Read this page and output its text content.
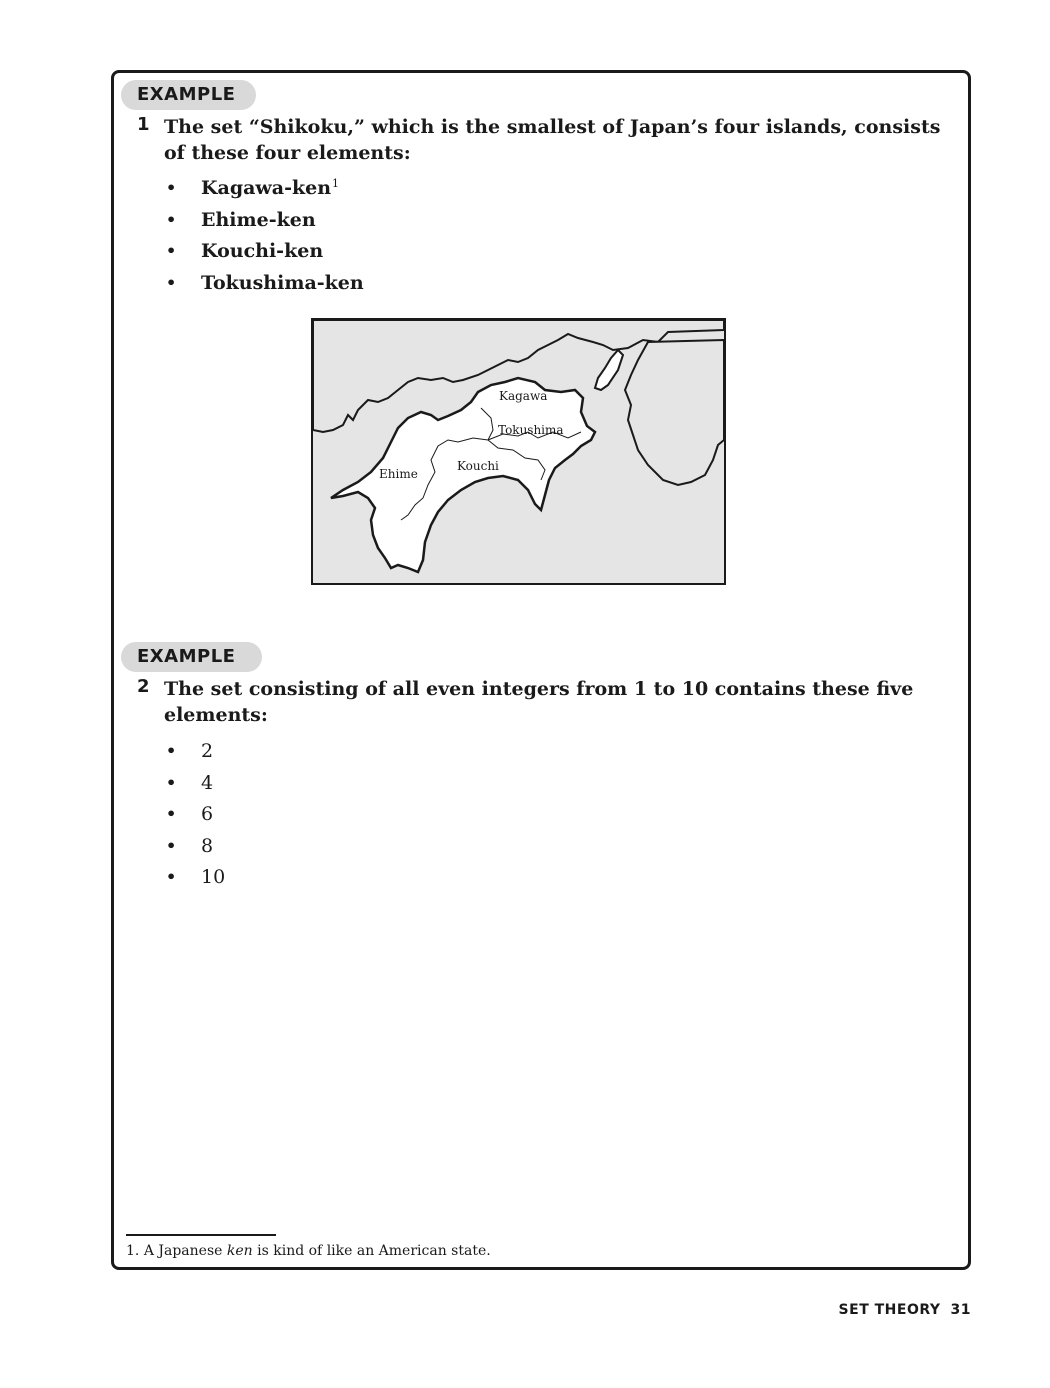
EXAMPLE 1 The set “Shikoku,” which is the smallest of Japan’s four islands, consists of these four elements:

• Kagawa-ken$^1$
• Ehime-ken
• Kouchi-ken
• Tokushima-ken
Kagawa
Tokushima
Ehime
Kouchi
EXAMPLE 2 The set consisting of all even integers from 1 to 10 contains these five elements:

• 2
• 4
• 6
• 8
• 10

1. A Japanese ken is kind of like an American state.

SET THEORY 31
